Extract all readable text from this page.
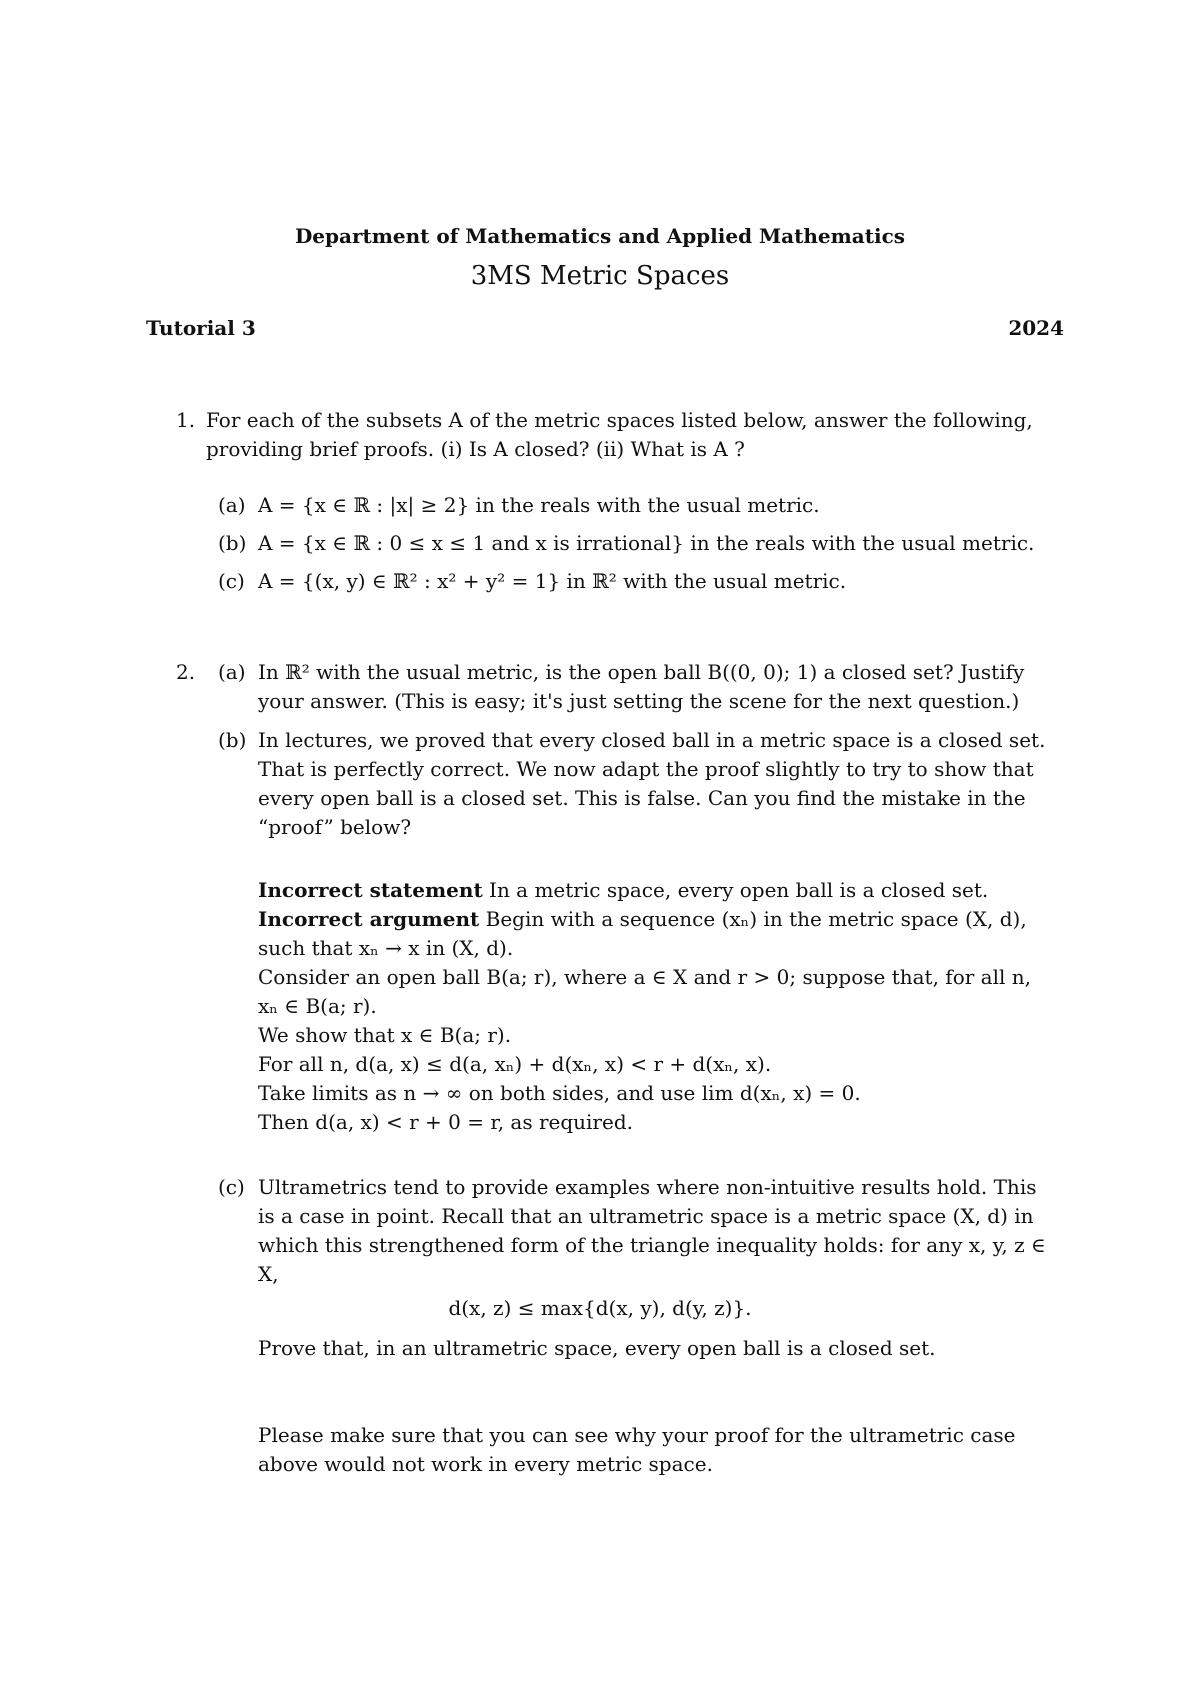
Department of Mathematics and Applied Mathematics
3MS Metric Spaces
Tutorial 3	2024
1. For each of the subsets A of the metric spaces listed below, answer the following,
providing brief proofs. (i) Is A closed? (ii) What is A ?
(a) A = {x ∈ ℝ : |x| ≥ 2} in the reals with the usual metric.
(b) A = {x ∈ ℝ : 0 ≤ x ≤ 1 and x is irrational} in the reals with the usual metric.
(c) A = {(x, y) ∈ ℝ² : x² + y² = 1} in ℝ² with the usual metric.
2. (a) In ℝ² with the usual metric, is the open ball B((0, 0); 1) a closed set? Justify
your answer. (This is easy; it's just setting the scene for the next question.)
(b) In lectures, we proved that every closed ball in a metric space is a closed set.
That is perfectly correct. We now adapt the proof slightly to try to show that
every open ball is a closed set. This is false. Can you find the mistake in the
“proof” below?
Incorrect statement In a metric space, every open ball is a closed set.
Incorrect argument Begin with a sequence (xₙ) in the metric space (X, d),
such that xₙ → x in (X, d).
Consider an open ball B(a; r), where a ∈ X and r > 0; suppose that, for all n,
xₙ ∈ B(a; r).
We show that x ∈ B(a; r).
For all n, d(a, x) ≤ d(a, xₙ) + d(xₙ, x) < r + d(xₙ, x).
Take limits as n → ∞ on both sides, and use lim d(xₙ, x) = 0.
Then d(a, x) < r + 0 = r, as required.
(c) Ultrametrics tend to provide examples where non-intuitive results hold. This
is a case in point. Recall that an ultrametric space is a metric space (X, d) in
which this strengthened form of the triangle inequality holds: for any x, y, z ∈
X,
d(x, z) ≤ max{d(x, y), d(y, z)}.
Prove that, in an ultrametric space, every open ball is a closed set.
Please make sure that you can see why your proof for the ultrametric case
above would not work in every metric space.
